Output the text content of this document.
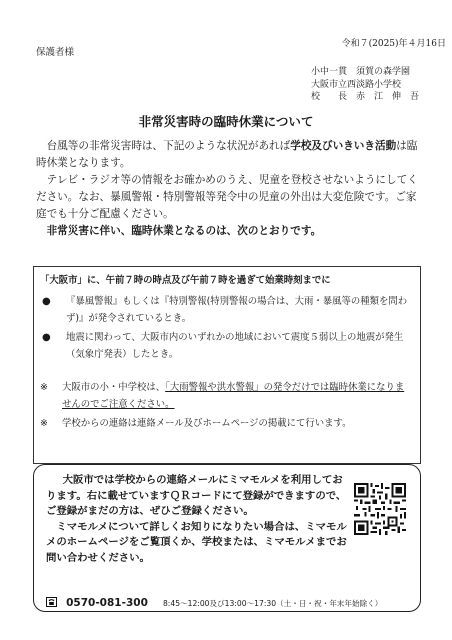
令和７(2025)年４月16日
保護者様
小中一貫　須賀の森学園
大阪市立西淡路小学校
校　　長　赤　江　伸　吾
非常災害時の臨時休業について

台風等の非常災害時は、下記のような状況があれば学校及びいきいき活動は臨時休業となります。

テレビ・ラジオ等の情報をお確かめのうえ、児童を登校させないようにしてください。なお、暴風警報・特別警報等発令中の児童の外出は大変危険です。ご家庭でも十分ご配慮ください。

非常災害に伴い、臨時休業となるのは、次のとおりです。

「大阪市」に、午前７時の時点及び午前７時を過ぎて始業時刻までに
● 『暴風警報』もしくは『特別警報(特別警報の場合は、大雨・暴風等の種類を問わず)』が発令されているとき。
● 地震に関わって、大阪市内のいずれかの地域において震度５弱以上の地震が発生（気象庁発表）したとき。
※ 大阪市の小・中学校は、「大雨警報や洪水警報」の発令だけでは臨時休業になりませんのでご注意ください。
※ 学校からの連絡は連絡メール及びホームページの掲載にて行います。

大阪市では学校からの連絡メールにミマモルメを利用しております。右に載せていますＱＲコードにて登録ができますので、ご登録がまだの方は、ぜひご登録ください。

ミマモルメについて詳しくお知りになりたい場合は、ミマモルメのホームページをご覧頂くか、学校または、ミマモルメまでお問い合わせください。

0570-081-300 8:45～12:00及び13:00～17:30（土・日・祝・年末年始除く）
